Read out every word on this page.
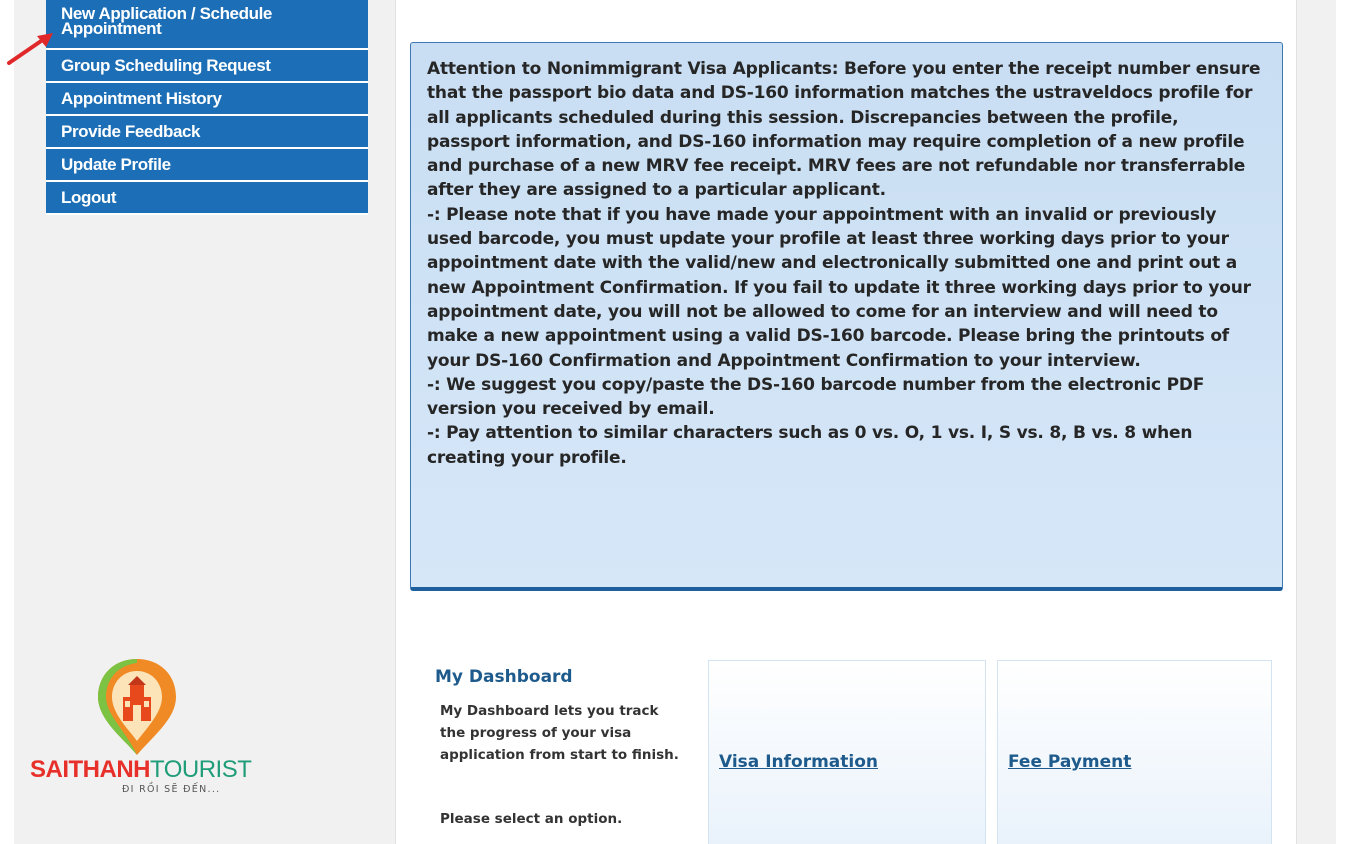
New Application / Schedule Appointment
Group Scheduling Request
Appointment History
Provide Feedback
Update Profile
Logout

Attention to Nonimmigrant Visa Applicants: Before you enter the receipt number ensure that the passport bio data and DS-160 information matches the ustraveldocs profile for all applicants scheduled during this session. Discrepancies between the profile, passport information, and DS-160 information may require completion of a new profile and purchase of a new MRV fee receipt. MRV fees are not refundable nor transferrable after they are assigned to a particular applicant.

-: Please note that if you have made your appointment with an invalid or previously used barcode, you must update your profile at least three working days prior to your appointment date with the valid/new and electronically submitted one and print out a new Appointment Confirmation. If you fail to update it three working days prior to your appointment date, you will not be allowed to come for an interview and will need to make a new appointment using a valid DS-160 barcode. Please bring the printouts of your DS-160 Confirmation and Appointment Confirmation to your interview.

-: We suggest you copy/paste the DS-160 barcode number from the electronic PDF version you received by email.

-: Pay attention to similar characters such as 0 vs. O, 1 vs. I, S vs. 8, B vs. 8 when creating your profile.

My Dashboard
My Dashboard lets you track the progress of your visa application from start to finish.
Please select an option.
Visa Information	Fee Payment
SAITHANHTOURIST
ĐI RỒI SẼ ĐẾN...
